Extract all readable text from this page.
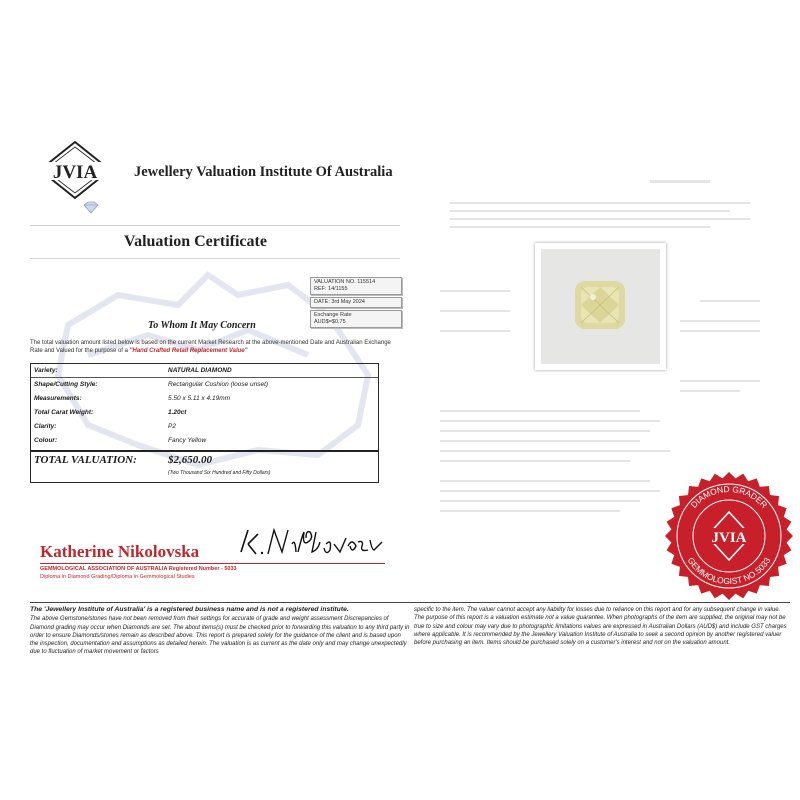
JVIA	Jewellery Valuation Institute Of Australia
Valuation Certificate
VALUATION NO. 115514
REF: 14/1155
DATE: 3rd May 2024
Exchange Rate
AUD$=$0.75
To Whom It May Concern
The total valuation amount listed below is based on the current Market Research at the above-mentioned Date and Australian Exchange Rate and Valued for the purpose of a "Hand Crafted Retail Replacement Value"
Variety:	NATURAL DIAMOND
Shape/Cutting Style:	Rectangular Cushion (loose unset)
Measurements:	5.50 x 5.11 x 4.19mm
Total Carat Weight:	1.20ct
Clarity:	P2
Colour:	Fancy Yellow
TOTAL VALUATION:	$2,650.00
(Two Thousand Six Hundred and Fifty Dollars)
Katherine Nikolovska
GEMMOLOGICAL ASSOCIATION OF AUSTRALIA Registered Number - 5033
Diploma in Diamond Grading/Diploma in Gemmological Studies
DIAMOND GRADER
GEMMOLOGIST NO.5033
JVIA
The 'Jewellery Institute of Australia' is a registered business name and is not a registered institute.
The above Gemstone/stones have not been removed from their settings for accurate of grade and weight assessment Discrepancies of Diamond grading may occur when Diamonds are set. The about items(s) must be checked prior to forwarding this valuation to any third party in order to ensure Diamonds/stones remain as described above. This report is prepared solely for the guidance of the client and is based upon the inspection, documentation and assumptions as detailed herein. The valuation is as current as the date only and may change unexpectedly due to fluctuation of market movement or factors
specific to the item. The valuer cannot accept any liability for losses due to reliance on this report and for any subsequent change in value. The purpose of this report is a valuation estimate not a value guarantee. When photographs of the item are supplied, the original may not be true to size and colour may vary due to photographic limitations values are expressed in Australian Dollars (AUD$) and include GST charges where applicable. It is recommended by the Jewellery Valuation Institute of Australia to seek a second opinion by another registered valuer before purchasing an item. Items should be purchased solely on a customer's interest and not on the valuation amount.
